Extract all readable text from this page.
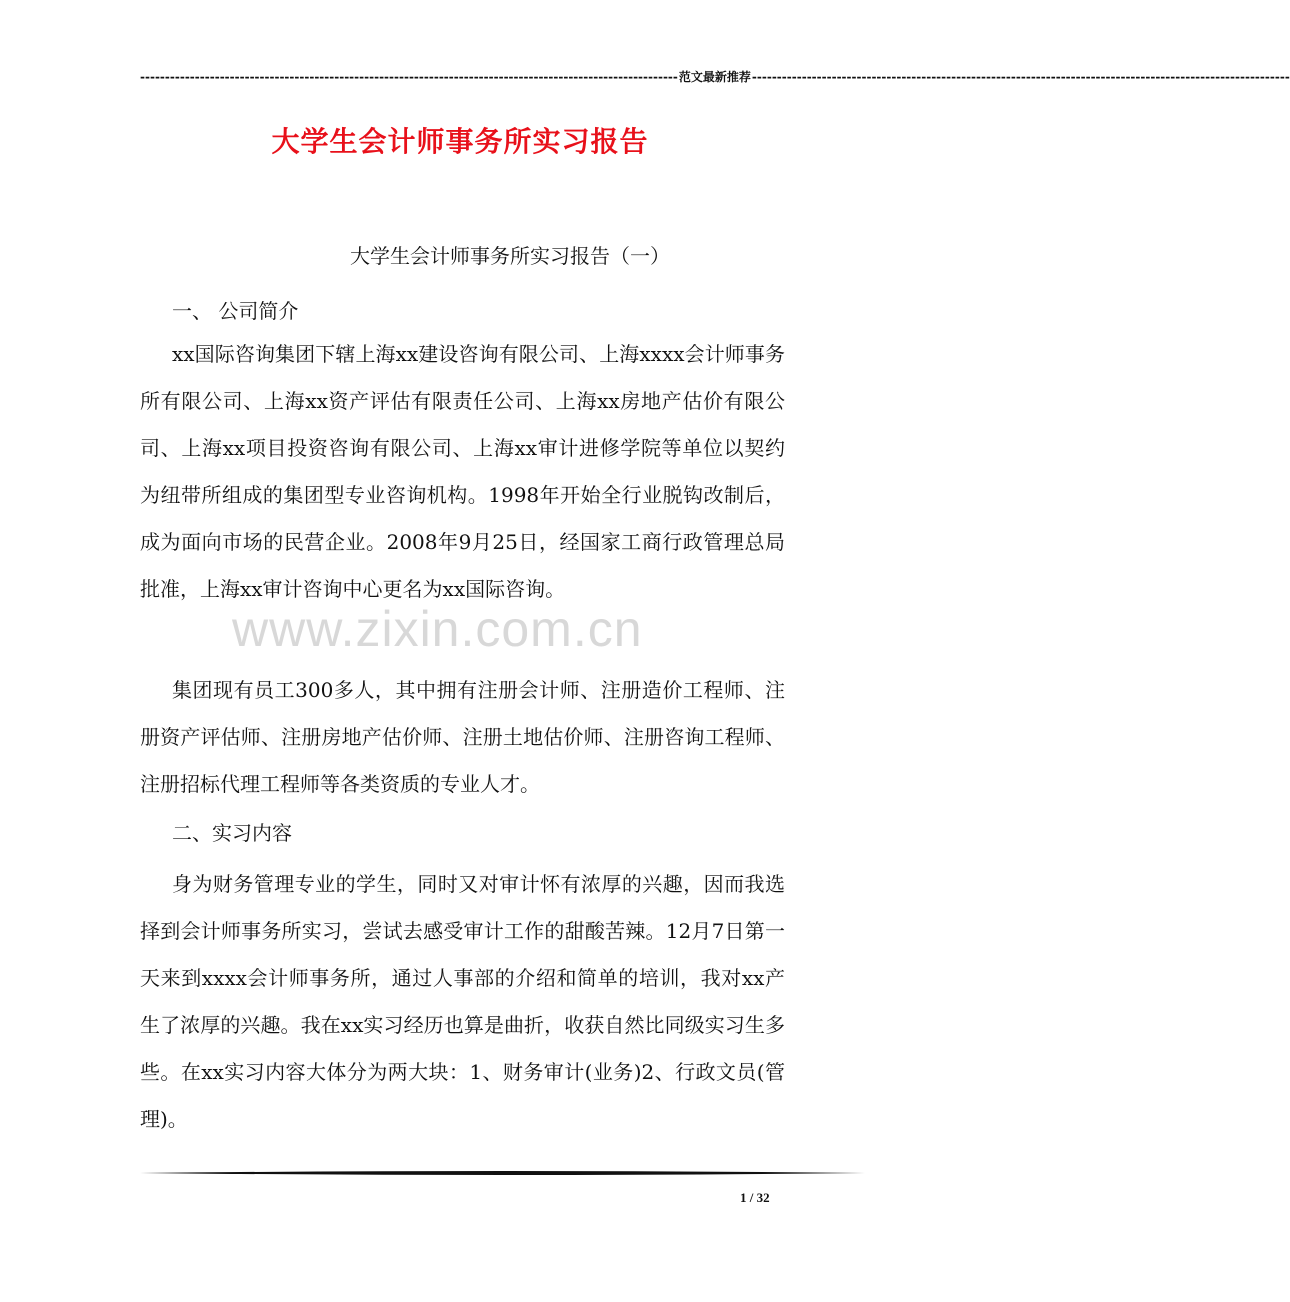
------------------------------------------------------------------------------------------------------------ 范文最新推荐 ------------------------------------------------------------------------------------------------------------
大学生会计师事务所实习报告
大学生会计师事务所实习报告（一）
一、 公司简介
xx国际咨询集团下辖上海xx建设咨询有限公司、上海xxxx会计师事务所有限公司、上海xx资产评估有限责任公司、上海xx房地产估价有限公司、上海xx项目投资咨询有限公司、上海xx审计进修学院等单位以契约为纽带所组成的集团型专业咨询机构。1998年开始全行业脱钩改制后，成为面向市场的民营企业。2008年9月25日，经国家工商行政管理总局批准，上海xx审计咨询中心更名为xx国际咨询。
集团现有员工300多人，其中拥有注册会计师、注册造价工程师、注册资产评估师、注册房地产估价师、注册土地估价师、注册咨询工程师、注册招标代理工程师等各类资质的专业人才。
二、实习内容
身为财务管理专业的学生，同时又对审计怀有浓厚的兴趣，因而我选择到会计师事务所实习，尝试去感受审计工作的甜酸苦辣。12月7日第一天来到xxxx会计师事务所，通过人事部的介绍和简单的培训，我对xx产生了浓厚的兴趣。我在xx实习经历也算是曲折，收获自然比同级实习生多些。在xx实习内容大体分为两大块：1、财务审计(业务)2、行政文员(管理)。
www.zixin.com.cn
1 / 32
